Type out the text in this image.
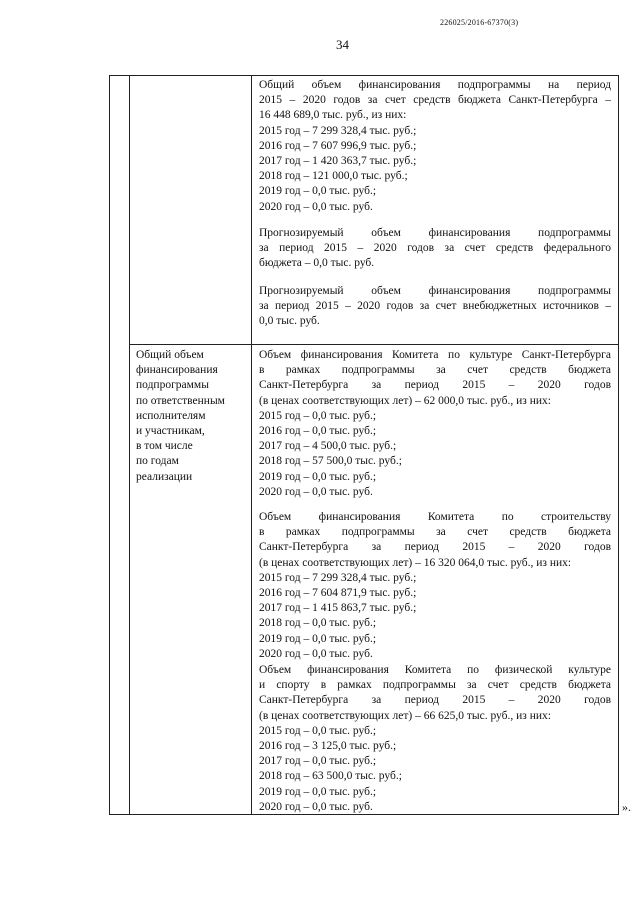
226025/2016-67370(3)
34
Общий объем
финансирования
подпрограммы
по ответственным
исполнителям
и участникам,
в том числе
по годам
реализации
Общий объем финансирования подпрограммы на период
2015 – 2020 годов за счет средств бюджета Санкт-Петербурга –
16 448 689,0 тыс. руб., из них:
2015 год – 7 299 328,4 тыс. руб.;
2016 год – 7 607 996,9 тыс. руб.;
2017 год – 1 420 363,7 тыс. руб.;
2018 год – 121 000,0 тыс. руб.;
2019 год – 0,0 тыс. руб.;
2020 год – 0,0 тыс. руб.
Прогнозируемый объем финансирования подпрограммы
за период 2015 – 2020 годов за счет средств федерального
бюджета – 0,0 тыс. руб.
Прогнозируемый объем финансирования подпрограммы
за период 2015 – 2020 годов за счет внебюджетных источников –
0,0 тыс. руб.
Объем финансирования Комитета по культуре Санкт-Петербурга
в рамках подпрограммы за счет средств бюджета
Санкт-Петербурга за период 2015 – 2020 годов
(в ценах соответствующих лет) – 62 000,0 тыс. руб., из них:
2015 год – 0,0 тыс. руб.;
2016 год – 0,0 тыс. руб.;
2017 год – 4 500,0 тыс. руб.;
2018 год – 57 500,0 тыс. руб.;
2019 год – 0,0 тыс. руб.;
2020 год – 0,0 тыс. руб.
Объем финансирования Комитета по строительству
в рамках подпрограммы за счет средств бюджета
Санкт-Петербурга за период 2015 – 2020 годов
(в ценах соответствующих лет) – 16 320 064,0 тыс. руб., из них:
2015 год – 7 299 328,4 тыс. руб.;
2016 год – 7 604 871,9 тыс. руб.;
2017 год – 1 415 863,7 тыс. руб.;
2018 год – 0,0 тыс. руб.;
2019 год – 0,0 тыс. руб.;
2020 год – 0,0 тыс. руб.
Объем финансирования Комитета по физической культуре
и спорту в рамках подпрограммы за счет средств бюджета
Санкт-Петербурга за период 2015 – 2020 годов
(в ценах соответствующих лет) – 66 625,0 тыс. руб., из них:
2015 год – 0,0 тыс. руб.;
2016 год – 3 125,0 тыс. руб.;
2017 год – 0,0 тыс. руб.;
2018 год – 63 500,0 тыс. руб.;
2019 год – 0,0 тыс. руб.;
2020 год – 0,0 тыс. руб.	».
